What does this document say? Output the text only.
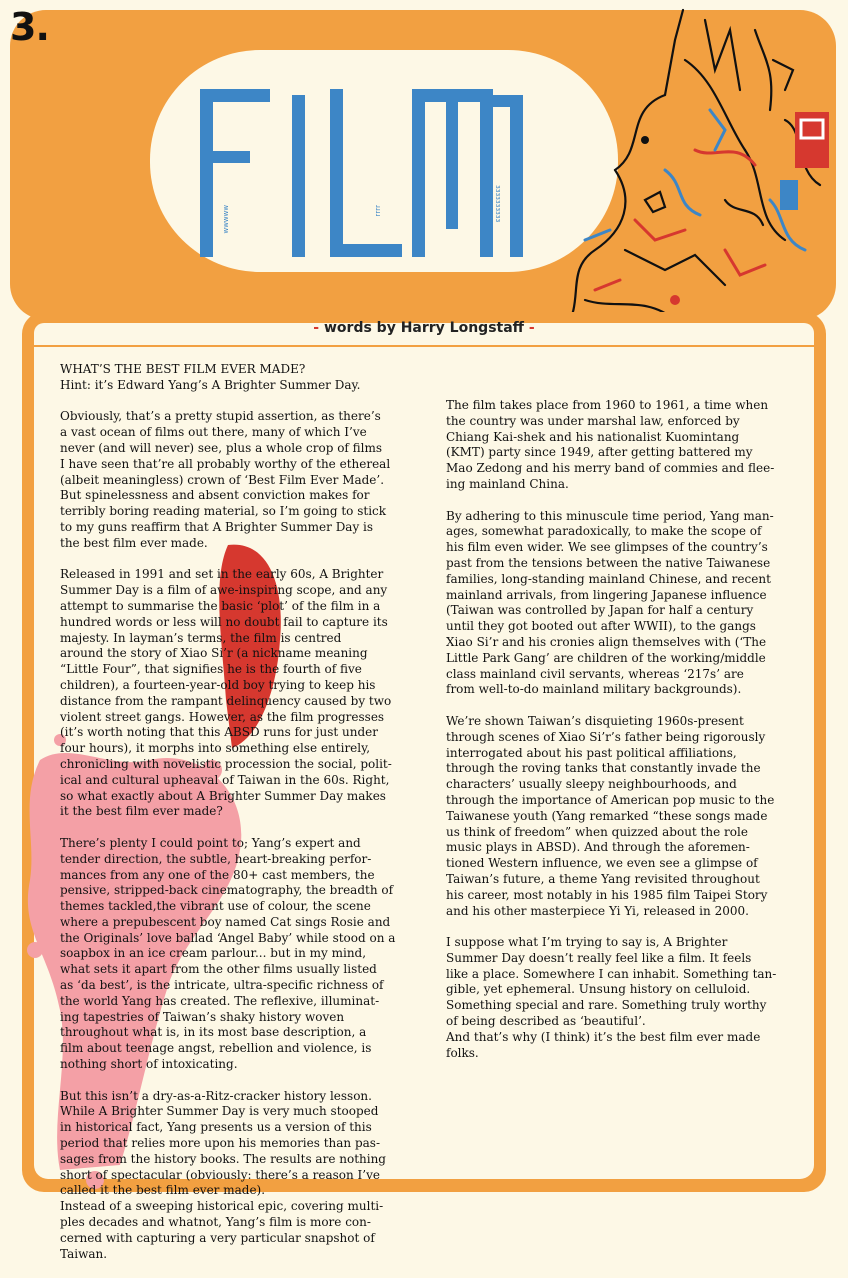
3.
ʍʍʍʍʍ	ɜɜɜɜɜɜɜɜɜɜ
ɹɹɹɹ
- words by Harry Longstaff -

WHAT’S THE BEST FILM EVER MADE?
Hint: it’s Edward Yang’s A Brighter Summer Day.

Obviously, that’s a pretty stupid assertion, as there’s
a vast ocean of films out there, many of which I’ve
never (and will never) see, plus a whole crop of films
I have seen that’re all probably worthy of the ethereal
(albeit meaningless) crown of ‘Best Film Ever Made’.
But spinelessness and absent conviction makes for
terribly boring reading material, so I’m going to stick
to my guns reaffirm that A Brighter Summer Day is
the best film ever made.

Released in 1991 and set in the early 60s, A Brighter
Summer Day is a film of awe-inspiring scope, and any
attempt to summarise the basic ‘plot’ of the film in a
hundred words or less will no doubt fail to capture its
majesty. In layman’s terms, the film is centred
around the story of Xiao Si’r (a nickname meaning
“Little Four”, that signifies he is the fourth of five
children), a fourteen-year-old boy trying to keep his
distance from the rampant delinquency caused by two
violent street gangs. However, as the film progresses
(it’s worth noting that this ABSD runs for just under
four hours), it morphs into something else entirely,
chronicling with novelistic procession the social, polit-
ical and cultural upheaval of Taiwan in the 60s. Right,
so what exactly about A Brighter Summer Day makes
it the best film ever made?

There’s plenty I could point to; Yang’s expert and
tender direction, the subtle, heart-breaking perfor-
mances from any one of the 80+ cast members, the
pensive, stripped-back cinematography, the breadth of
themes tackled,the vibrant use of colour, the scene
where a prepubescent boy named Cat sings Rosie and
the Originals’ love ballad ‘Angel Baby’ while stood on a
soapbox in an ice cream parlour... but in my mind,
what sets it apart from the other films usually listed
as ‘da best’, is the intricate, ultra-specific richness of
the world Yang has created. The reflexive, illuminat-
ing tapestries of Taiwan’s shaky history woven
throughout what is, in its most base description, a
film about teenage angst, rebellion and violence, is
nothing short of intoxicating.

But this isn’t a dry-as-a-Ritz-cracker history lesson.
While A Brighter Summer Day is very much stooped
in historical fact, Yang presents us a version of this
period that relies more upon his memories than pas-
sages from the history books. The results are nothing
short of spectacular (obviously: there’s a reason I’ve
called it the best film ever made).
Instead of a sweeping historical epic, covering multi-
ples decades and whatnot, Yang’s film is more con-
cerned with capturing a very particular snapshot of
Taiwan.

The film takes place from 1960 to 1961, a time when
the country was under marshal law, enforced by
Chiang Kai-shek and his nationalist Kuomintang
(KMT) party since 1949, after getting battered my
Mao Zedong and his merry band of commies and flee-
ing mainland China.

By adhering to this minuscule time period, Yang man-
ages, somewhat paradoxically, to make the scope of
his film even wider. We see glimpses of the country’s
past from the tensions between the native Taiwanese
families, long-standing mainland Chinese, and recent
mainland arrivals, from lingering Japanese influence
(Taiwan was controlled by Japan for half a century
until they got booted out after WWII), to the gangs
Xiao Si’r and his cronies align themselves with (‘The
Little Park Gang’ are children of the working/middle
class mainland civil servants, whereas ‘217s’ are
from well-to-do mainland military backgrounds).

We’re shown Taiwan’s disquieting 1960s-present
through scenes of Xiao Si’r’s father being rigorously
interrogated about his past political affiliations,
through the roving tanks that constantly invade the
characters’ usually sleepy neighbourhoods, and
through the importance of American pop music to the
Taiwanese youth (Yang remarked “these songs made
us think of freedom” when quizzed about the role
music plays in ABSD). And through the aforemen-
tioned Western influence, we even see a glimpse of
Taiwan’s future, a theme Yang revisited throughout
his career, most notably in his 1985 film Taipei Story
and his other masterpiece Yi Yi, released in 2000.

I suppose what I’m trying to say is, A Brighter
Summer Day doesn’t really feel like a film. It feels
like a place. Somewhere I can inhabit. Something tan-
gible, yet ephemeral. Unsung history on celluloid.
Something special and rare. Something truly worthy
of being described as ‘beautiful’.
And that’s why (I think) it’s the best film ever made
folks.
